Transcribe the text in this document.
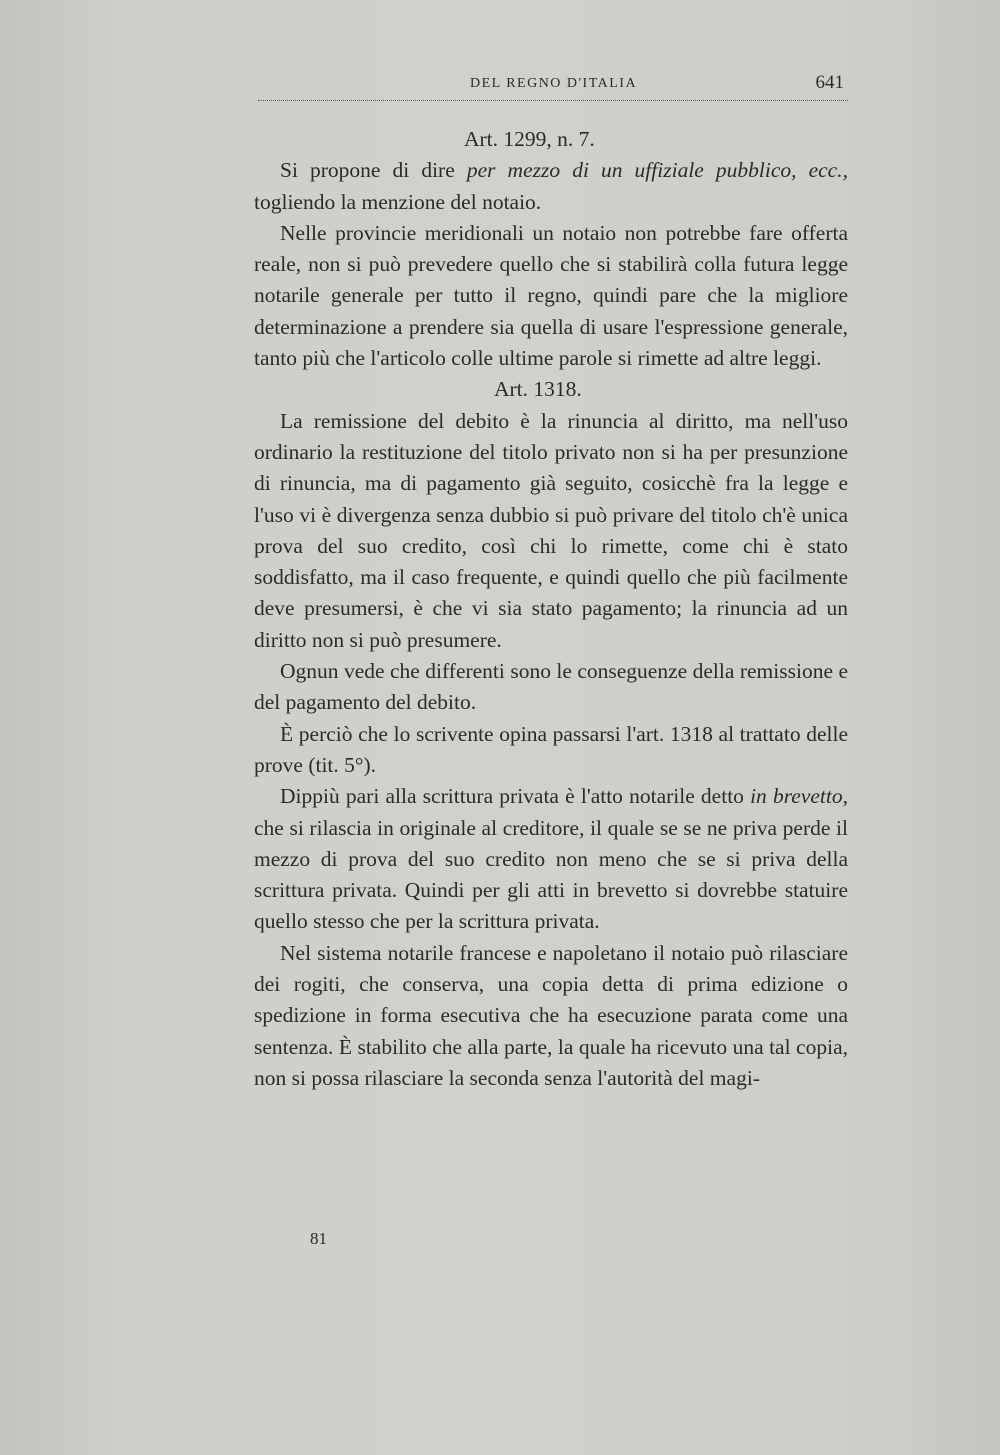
DEL REGNO D'ITALIA	641
Art. 1299, n. 7.

Si propone di dire per mezzo di un uffiziale pubblico, ecc., togliendo la menzione del notaio.

Nelle provincie meridionali un notaio non potrebbe fare offerta reale, non si può prevedere quello che si stabilirà colla futura legge notarile generale per tutto il regno, quindi pare che la migliore determinazione a prendere sia quella di usare l'espressione generale, tanto più che l'articolo colle ultime parole si rimette ad altre leggi.

Art. 1318.

La remissione del debito è la rinuncia al diritto, ma nell'uso ordinario la restituzione del titolo privato non si ha per presunzione di rinuncia, ma di pagamento già seguito, cosicchè fra la legge e l'uso vi è divergenza senza dubbio si può privare del titolo ch'è unica prova del suo credito, così chi lo rimette, come chi è stato soddisfatto, ma il caso frequente, e quindi quello che più facilmente deve presumersi, è che vi sia stato pagamento; la rinuncia ad un diritto non si può presumere.

Ognun vede che differenti sono le conseguenze della remissione e del pagamento del debito.

È perciò che lo scrivente opina passarsi l'art. 1318 al trattato delle prove (tit. 5°).

Dippiù pari alla scrittura privata è l'atto notarile detto in brevetto, che si rilascia in originale al creditore, il quale se se ne priva perde il mezzo di prova del suo credito non meno che se si priva della scrittura privata. Quindi per gli atti in brevetto si dovrebbe statuire quello stesso che per la scrittura privata.

Nel sistema notarile francese e napoletano il notaio può rilasciare dei rogiti, che conserva, una copia detta di prima edizione o spedizione in forma esecutiva che ha esecuzione parata come una sentenza. È stabilito che alla parte, la quale ha ricevuto una tal copia, non si possa rilasciare la seconda senza l'autorità del magi-

81
